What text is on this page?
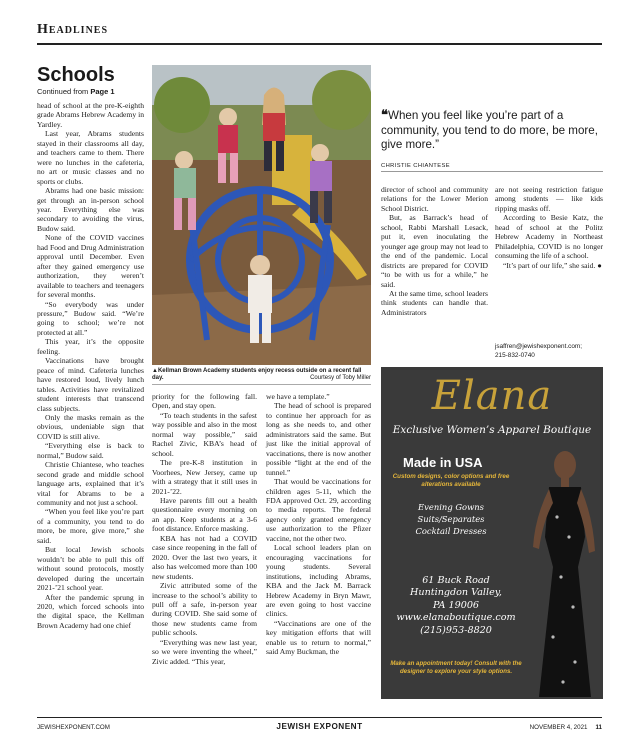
Headlines
Schools
Continued from Page 1

head of school at the pre-K-eighth grade Abrams Hebrew Academy in Yardley.

Last year, Abrams students stayed in their classrooms all day, and teachers came to them. There were no lunches in the cafeteria, no art or music classes and no sports or clubs.

Abrams had one basic mission: get through an in-person school year. Everything else was secondary to avoiding the virus, Budow said.

None of the COVID vaccines had Food and Drug Administration approval until December. Even after they gained emergency use authorization, they weren’t available to teachers and teenagers for several months.

“So everybody was under pressure,” Budow said. “We’re going to school; we’re not protected at all.”

This year, it’s the opposite feeling.

Vaccinations have brought peace of mind. Cafeteria lunches have restored loud, lively lunch tables. Activities have revitalized student interests that transcend class subjects.

Only the masks remain as the obvious, undeniable sign that COVID is still alive.

“Everything else is back to normal,” Budow said.

Christie Chiantese, who teaches second grade and middle school language arts, explained that it’s vital for Abrams to be a community and not just a school.

“When you feel like you’re part of a community, you tend to do more, be more, give more,” she said.

But local Jewish schools wouldn’t be able to pull this off without sound protocols, mostly developed during the uncertain 2021-’21 school year.

After the pandemic sprung in 2020, which forced schools into the digital space, the Kellman Brown Academy had one chief

▲Kellman Brown Academy students enjoy recess outside on a recent fall day.	Courtesy of Toby Miller

priority for the following fall. Open, and stay open.

“To teach students in the safest way possible and also in the most normal way possible,” said Rachel Zivic, KBA’s head of school.

The pre-K-8 institution in Voorhees, New Jersey, came up with a strategy that it still uses in 2021-’22.

Have parents fill out a health questionnaire every morning on an app. Keep students at a 3-6 foot distance. Enforce masking.

KBA has not had a COVID case since reopening in the fall of 2020. Over the last two years, it also has welcomed more than 100 new students.

Zivic attributed some of the increase to the school’s ability to pull off a safe, in-person year during COVID. She said some of those new students came from public schools.

“Everything was new last year, so we were inventing the wheel,” Zivic added. “This year,

we have a template.”

The head of school is prepared to continue her approach for as long as she needs to, and other administrators said the same. But just like the initial approval of vaccinations, there is now another possible “light at the end of the tunnel.”

That would be vaccinations for children ages 5-11, which the FDA approved Oct. 29, according to media reports. The federal agency only granted emergency use authorization to the Pfizer vaccine, not the other two.

Local school leaders plan on encouraging vaccinations for young students. Several institutions, including Abrams, KBA and the Jack M. Barrack Hebrew Academy in Bryn Mawr, are even going to host vaccine clinics.

“Vaccinations are one of the key mitigation efforts that will enable us to return to normal,” said Amy Buckman, the

❝ When you feel like you’re part of a community, you tend to do more, be more, give more.”
CHRISTIE CHIANTESE

director of school and community relations for the Lower Merion School District.

But, as Barrack’s head of school, Rabbi Marshall Lesack, put it, even inoculating the younger age group may not lead to the end of the pandemic. Local districts are prepared for COVID “to be with us for a while,” he said.

At the same time, school leaders think students can handle that. Administrators

are not seeing restriction fatigue among students — like kids ripping masks off.

According to Besie Katz, the head of school at the Politz Hebrew Academy in Northeast Philadelphia, COVID is no longer consuming the life of a school.

“It’s part of our life,” she said. ●

jsaffren@jewishexponent.com;
215-832-0740
Elana
Exclusive Women’s Apparel Boutique
Made in USA
Custom designs, color options and free alterations available
Evening Gowns
Suits/Separates
Cocktail Dresses
61 Buck Road
Huntingdon Valley,
PA 19006
www.elanaboutique.com
(215)953-8820
Make an appointment today! Consult with the designer to explore your style options.
JEWISHEXPONENT.COM	JEWISH EXPONENT	NOVEMBER 4, 2021 11
